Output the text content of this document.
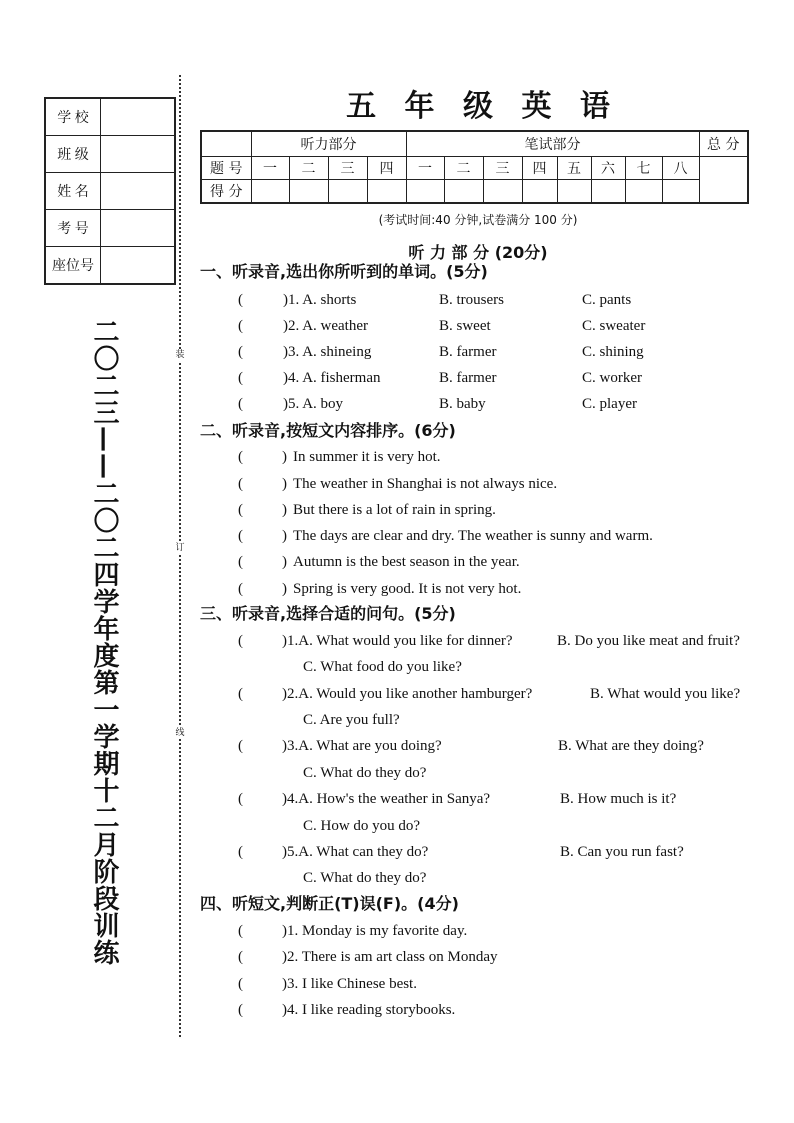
学 校	
班 级	
姓 名	
考 号	
座位号	
二〇二三——二〇二四学年度第一学期十二月阶段训练	装
订
线
五 年 级 英 语
	听力部分				笔试部分								总 分
题 号	一	二	三	四	一	二	三	四	五	六	七	八	
得 分													
(考试时间:40 分钟,试卷满分 100 分)
听 力 部 分 (20分)
一、听录音,选出你所听到的单词。(5分)
(	)1. A. shorts	B. trousers	C. pants
(	)2. A. weather	B. sweet	C. sweater
(	)3. A. shineing	B. farmer	C. shining
(	)4. A. fisherman	B. farmer	C. worker
(	)5. A. boy	B. baby	C. player
二、听录音,按短文内容排序。(6分)
(	) In summer it is very hot.
(	) The weather in Shanghai is not always nice.
(	) But there is a lot of rain in spring.
(	) The days are clear and dry. The weather is sunny and warm.
(	) Autumn is the best season in the year.
(	) Spring is very good. It is not very hot.
三、听录音,选择合适的问句。(5分)
(	)1.A. What would you like for dinner?	B. Do you like meat and fruit?
C. What food do you like?
(	)2.A. Would you like another hamburger?	B. What would you like?
C. Are you full?
(	)3.A. What are you doing?	B. What are they doing?
C. What do they do?
(	)4.A. How's the weather in Sanya?	B. How much is it?
C. How do you do?
(	)5.A. What can they do?	B. Can you run fast?
C. What do they do?
四、听短文,判断正(T)误(F)。(4分)
(	)1. Monday is my favorite day.
(	)2. There is am art class on Monday
(	)3. I like Chinese best.
(	)4. I like reading storybooks.
